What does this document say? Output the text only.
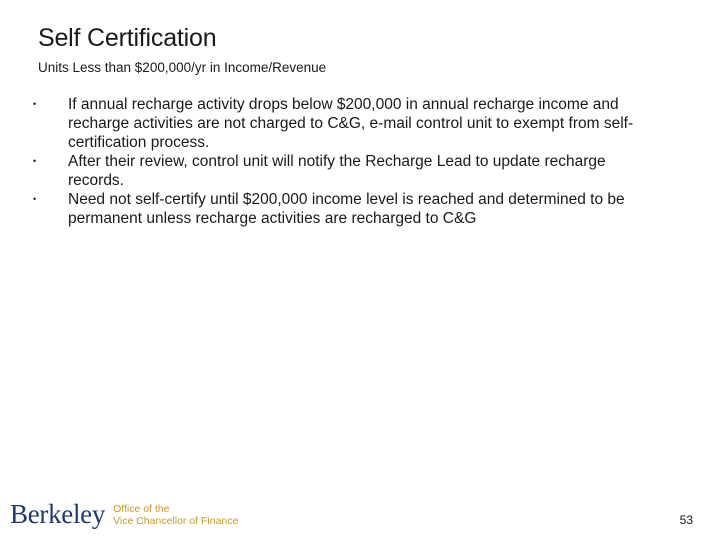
Self Certification

Units Less than $200,000/yr in Income/Revenue

• If annual recharge activity drops below $200,000 in annual recharge income and recharge activities are not charged to C&G, e-mail control unit to exempt from self-certification process.
• After their review, control unit will notify the Recharge Lead to update recharge records.
• Need not self-certify until $200,000 income level is reached and determined to be permanent unless recharge activities are recharged to C&G
Berkeley Office of the
Vice Chancellor of Finance	53
